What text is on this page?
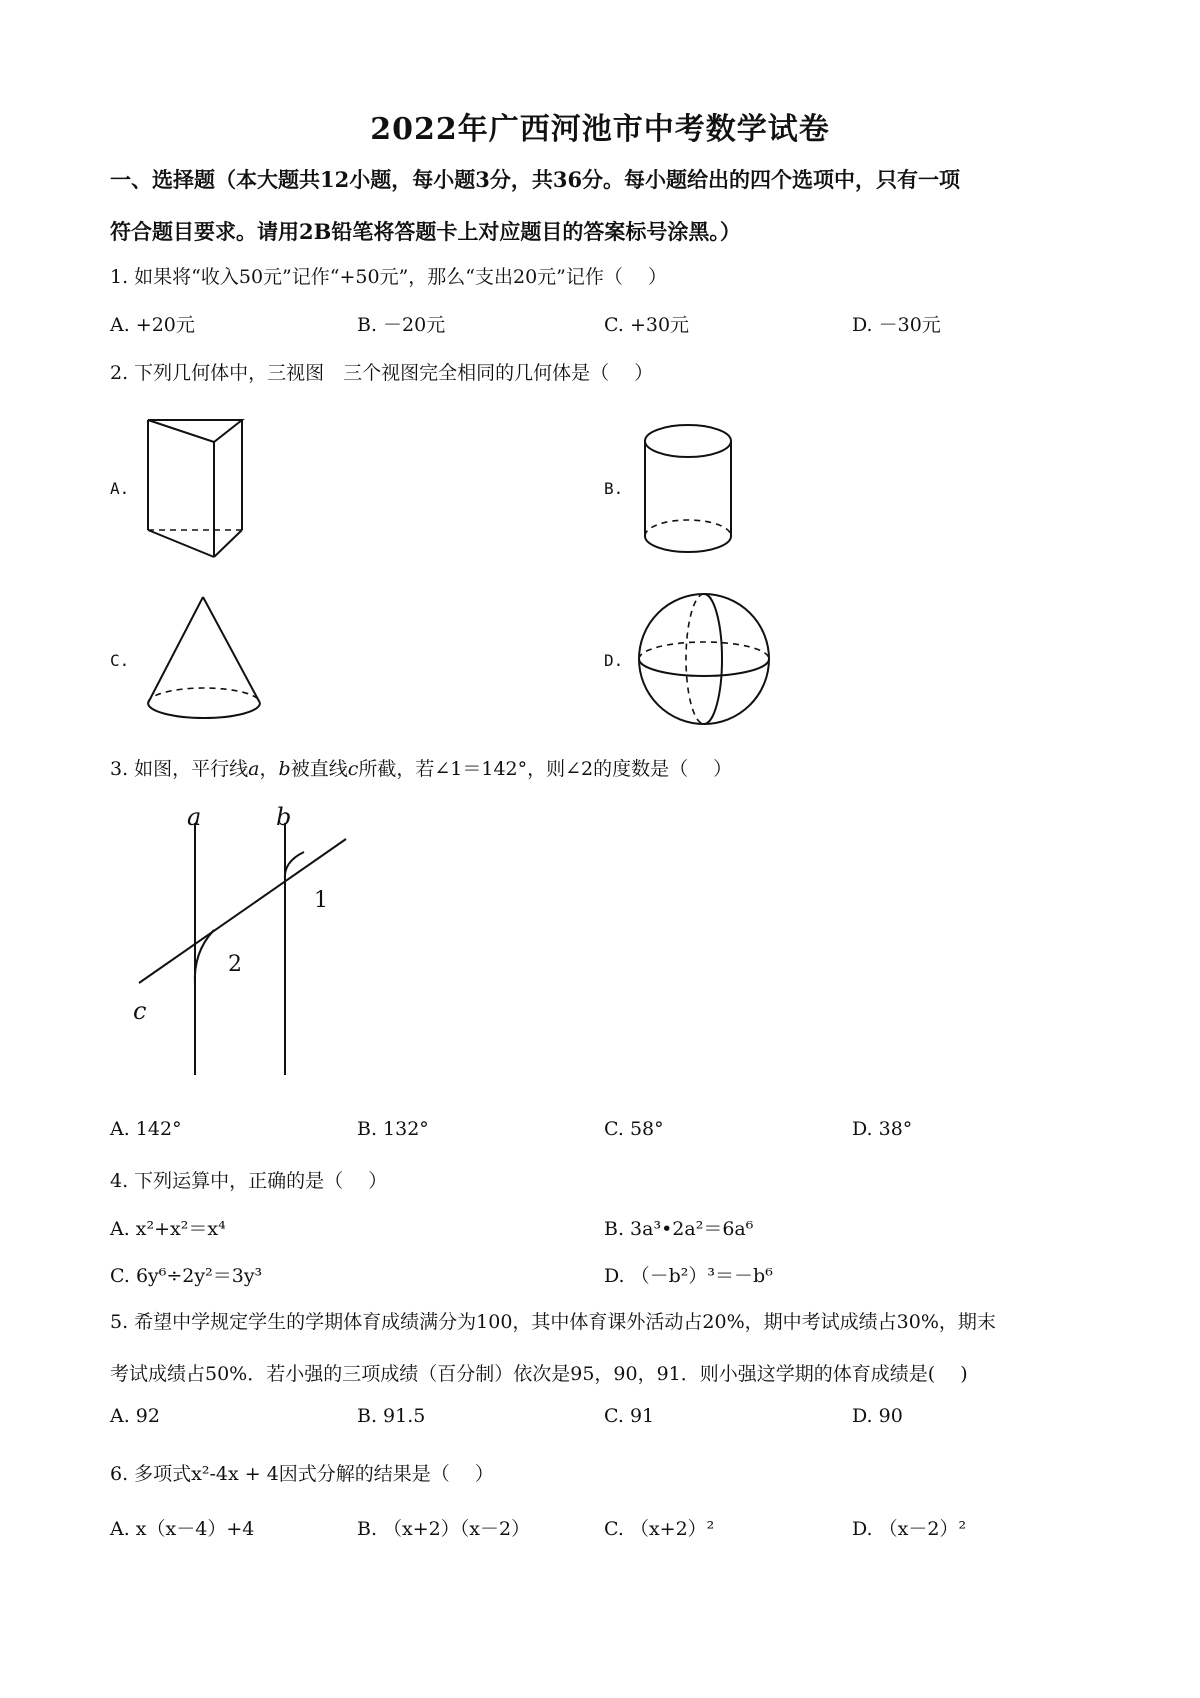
2022年广西河池市中考数学试卷
一、选择题（本大题共12小题，每小题3分，共36分。每小题给出的四个选项中，只有一项
符合题目要求。请用2B铅笔将答题卡上对应题目的答案标号涂黑。）
1. 如果将“收入50元”记作“+50元”，那么“支出20元”记作（　 ）
A. +20元	B. －20元	C. +30元	D. －30元
2. 下列几何体中，三视图　三个视图完全相同的几何体是（　 ）
A.	B.
C.	D.
3. 如图，平行线a，b被直线c所截，若∠1＝142°，则∠2的度数是（　 ）
a	b
c
1
2
A. 142°	B. 132°	C. 58°	D. 38°
4. 下列运算中，正确的是（　 ）
A. x²+x²＝x⁴	B. 3a³•2a²＝6a⁶
C. 6y⁶÷2y²＝3y³	D. （－b²）³＝－b⁶
5. 希望中学规定学生的学期体育成绩满分为100，其中体育课外活动占20%，期中考试成绩占30%，期末
考试成绩占50%．若小强的三项成绩（百分制）依次是95，90，91．则小强这学期的体育成绩是(　 )
A. 92	B. 91.5	C. 91	D. 90
6. 多项式x²-4x + 4因式分解的结果是（　 ）
A. x（x－4）+4	B. （x+2）（x－2）	C. （x+2）²	D. （x－2）²
